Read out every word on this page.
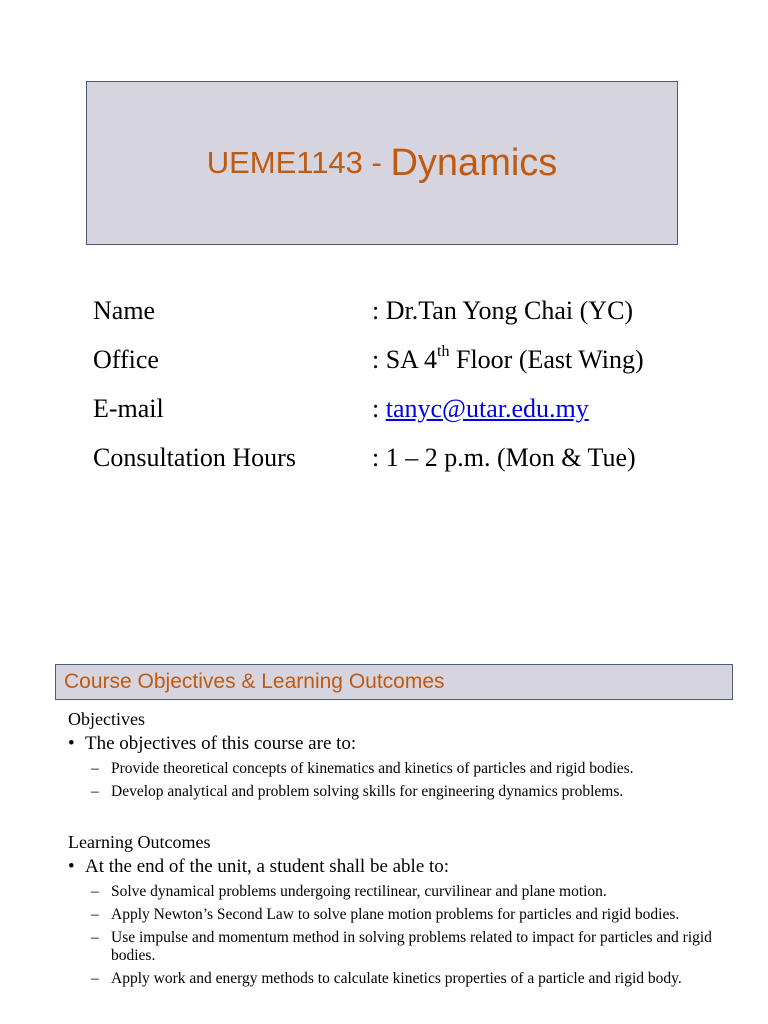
UEME1143 - Dynamics
Name	: Dr.Tan Yong Chai (YC)
Office	: SA 4th Floor (East Wing)
E-mail	: tanyc@utar.edu.my
Consultation Hours	: 1 – 2 p.m. (Mon & Tue)
Course Objectives & Learning Outcomes
Objectives
• The objectives of this course are to:
– Provide theoretical concepts of kinematics and kinetics of particles and rigid bodies.
– Develop analytical and problem solving skills for engineering dynamics problems.
Learning Outcomes
• At the end of the unit, a student shall be able to:
– Solve dynamical problems undergoing rectilinear, curvilinear and plane motion.
– Apply Newton’s Second Law to solve plane motion problems for particles and rigid bodies.
– Use impulse and momentum method in solving problems related to impact for particles and rigid bodies.
– Apply work and energy methods to calculate kinetics properties of a particle and rigid body.
